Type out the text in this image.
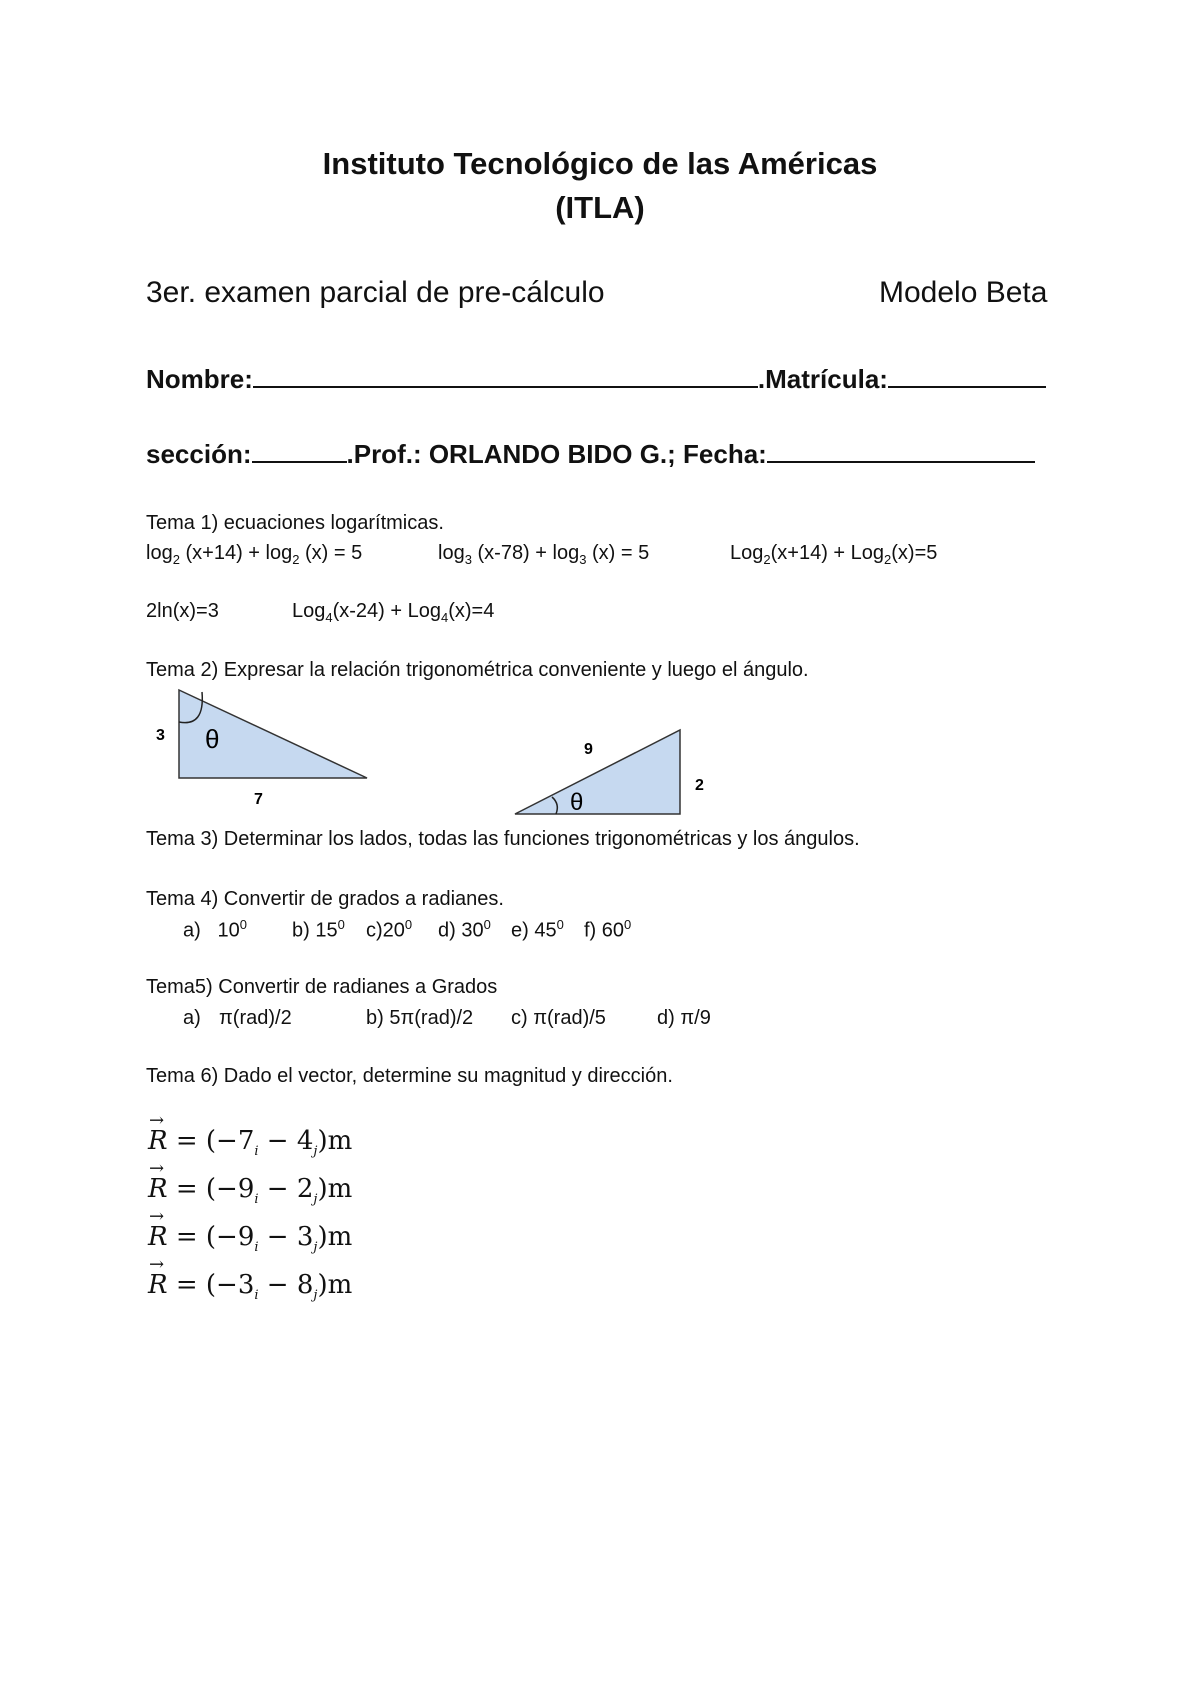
Instituto Tecnológico de las Américas
(ITLA)
3er. examen parcial de pre-cálculo	Modelo Beta
Nombre:	.Matrícula:
sección:	.Prof.: ORLANDO BIDO G.; Fecha:
Tema 1) ecuaciones logarítmicas.
$\log_2 (x+14) + \log_2 (x) = 5$	$\log_3 (x-78) + \log_3 (x) = 5$	Log$_2$(x+14) + Log$_2$(x)=5
2ln(x)=3	Log$_4$(x-24) + Log$_4$(x)=4
Tema 2) Expresar la relación trigonométrica conveniente y luego el ángulo.
3
7
θ	9
2
θ
Tema 3) Determinar los lados, todas las funciones trigonométricas y los ángulos.
Tema 4) Convertir de grados a radianes.
a) $10^0$ b) $15^0$ $c)20^0$ d) $30^0$ e) $45^0$ f) $60^0$
Tema5) Convertir de radianes a Grados
a) π(rad)/2	b) 5π(rad)/2 c) π(rad)/5	d) π/9
Tema 6) Dado el vector, determine su magnitud y dirección.
→ $R = (-7_i - 4_j)m$
→ $R = (-9_i - 2_j)m$
→ $R = (-9_i - 3_j)m$
→ $R = (-3_i - 8_j)m$
